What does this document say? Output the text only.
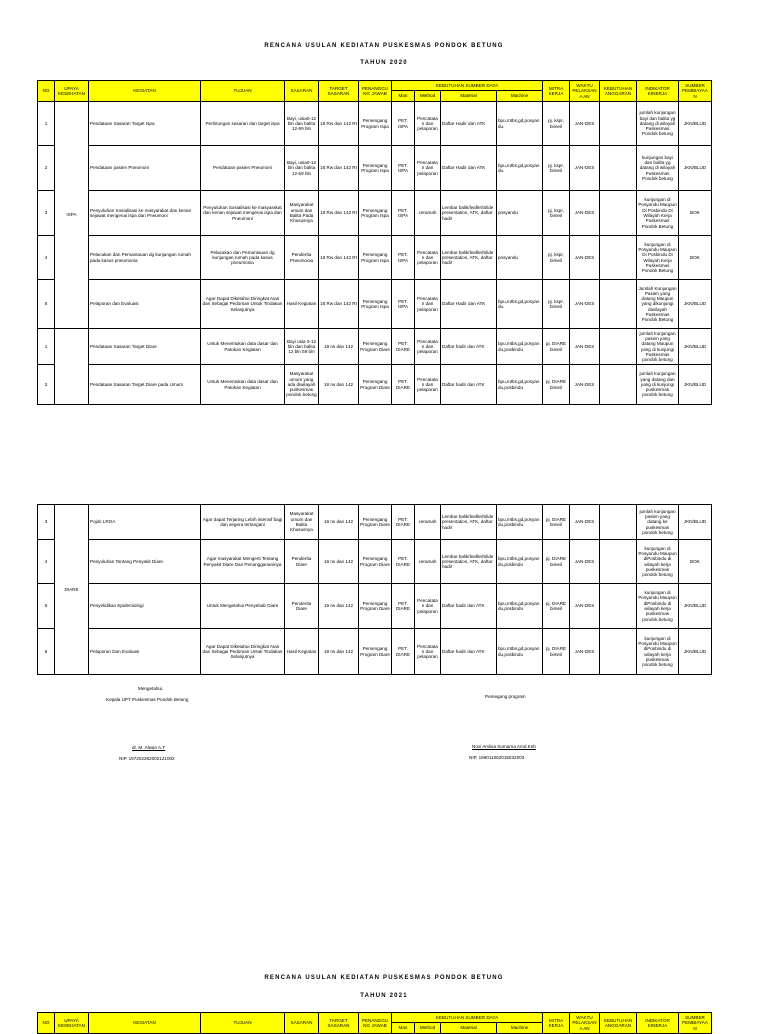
RENCANA USULAN KEDIATAN PUSKESMAS PONDOK BETUNG
TAHUN 2020
NO	UPAYA KESEHATAN	KEGIATAN	TUJUAN	SASARAN	TARGET SASARAN	PENANGGU NG JAWAB	KEBUTUHAN SUMBER DAYA				MITRA KERJA	WAKTU PELAKSANA AN	KEBUTUHAN ANGGARAN	INDIKATOR KINERJA	SUMBER PEMBIAYAA N
							Man	Method	Material	Machine					
1	ISPA	Pendataan Sasaran Target Ispa	Perhitungan sasaran dan target ispa	Bayi, usia0-12 bln dan balita 12-59 bln	18 Rw dan 142 Rt	Pemengang Program Ispa	PET. ISPA	Pencatatan dan pelaporan	Daftar Hadir dan ATK	bpu,mtbs,gd,posyan du.	pj. kspr, bimeil	JAN-DES		jumlah kunjungan bayi dan balita yg datang di wilayah Puskesmas Pondok betung	JKN/BLUD
2		Pendataan pasien Pneumoni	Pendataan pasien Pneumoni	Bayi, usia0-12 bln dan balita 12-59 bln	18 Rw dan 142 Rt	Pemengang Program Ispa	PET. ISPA	Pencatatan dan pelaporan	Daftar Hadir dan ATK	bpu,mtbs,gd,posyan du.	pj. kspr, bimeil	JAN-DES		kunjungan bayi dan balita yg datang di wilayah Puskesmas Pondok betung	JKN/BLUD
3		Penyuluhan Sosialisasi ke masyarakat dan kenan sejawat mengenai ispa dan Pneumoni	Penyuluhan Sosialisasi ke masyarakat dan kenan sejawat mengenai ispa dan Pneumoni	Masyarakat umum dan Balita Pada Khususnya	18 Rw dan 142 Rt	Pemengang Program Ispa	PET. ISPA	ceramah	Lembar balik/leaflet/Slide presentation, ATK, daftar hadir	posyandu	pj. kspr, bimeil	JAN-DES		kunjungan di Posyandu Maupun Di Posbindu Di Wilayah Kerja Puskesmas Pondok Betung	BOK
4		Pelacakan dan Pemantauan dg kunjungan rumah pada kasus pneumonia	Pelacakan dan Pemantauan dg kunjungan rumah pada kasus pneumonia	Penderita Pneumonia	18 Rw dan 142 Rt	Pemengang Program Ispa	PET. ISPA	Pencatatan dan pelaporan	Lembar balik/leaflet/Slide presentation, ATK, daftar hadir	posyandu	pj. kspr, bimeil	JAN-DES		kunjungan di Posyandu Maupun Di Posbindu Di Wilayah Kerja Puskesmas Pondok Betung	BOK
5		Pelaporan dan Evaluasi	Agar Dapat Diketahui Diringkat Atas dan Sebagai Pedoman Untuk Tindakan Selanjutnya	Hasil Kegiatan	18 Rw dan 142 Rt	Pemengang Program Ispa	PET. ISPA	Pencatatan dan pelaporan	Daftar Hadir dan ATK	bpu,mtbs,gd,posyan du.	pj. kspr, bimeil	JAN-DES		Jumlah Kunjungan Pasien yang datang Maupun yang dikunjungi diwilayah Puskesmas Pondok Betung	JKN/BLUD
1		Pendataan Sasaran Target Diare	Untuk Menentukan data dasar dan Patokan Kegiatan	Bayi usia 0-12 bln dan balita 12 bln 59 bln	18 rw dan 142	Pemengang Program Diare	PET. DIARE	Pencatatan dan pelaporan	Daftar hadir dan ATK	bpu,mtbs,gd,posyan du,posbindu	pj. DIARE bimeil	JAN-DES		jumlah kunjungan pasien yang datang Maupun yang di kunjungi Puskesmas pondok betung	JKN/BLUD
2		Pendataan Sasaran Target Diare pada Umum	Untuk Menentukan data dasar dan Patokan Kegiatan	Masyarakat umum yang ada diwilayah puskesmas pondok betung	18 rw dan 142	Pemengang Program Diare	PET. DIARE	Pencatatan dan pelaporan	Daftar hadir dan ATK	bpu,mtbs,gd,posyan du,posbindu	pj. DIARE bimeil	JAN-DES		jumlah kunjungan yang datang dan yang di kunjungi puskesmas pondok betung	JKN/BLUD
3	DIARE	Pojok LROA	Agar dapat Terjaring Lebih intensif bagi dan segera tertangani	Masyarakat umum dan Balita Khususnya	18 rw dan 142	Pemengang Program Diare	PET. DIARE	ceramah	Lembar balik/leaflet/Slide presentation, ATK, daftar hadir	bpu,mtbs,gd,posyan du,posbindu	pj. DIARE bimeil	JAN-DES		jumlah kunjungan pasien yang datang ke puskesmas pondok betung	JKN/BLUD
4		Penyuluhan Tentang Penyakit Diare	Agar masyarakat Mengerti Tentang Penyakit Diare Dan Penanggananinya	Penderita Diare	18 rw dan 142	Pemengang Program Diare	PET. DIARE	ceramah	Lembar balik/leaflet/Slide presentation, ATK, daftar hadir	bpu,mtbs,gd,posyan du,posbindu	pj. DIARE bimeil	JAN-DES		kunjungan di Posyandu Maupun diPosbindu di wilayah kerja puskesmas pondok betung	BOK
5		Penyelidikan Epidemiologi	Untuk Mengetahui Penyebab Diare	Penderita Diare	19 rw dan 142	Pemengang Program Diare	PET. DIARE	Pencatatan dan pelaporan	Daftar hadir dan ATK	bpu,mtbs,gd,posyan du,posbindu	pj. DIARE bimeil	JAN-DES		kunjungan di Posyandu Maupun diPosbindu di wilayah kerja puskesmas pondok betung	JKN/BLUD
6		Pelaporan Dan Evaluasi	Agar Dapat Diketahui Diringkat Atas dan Sebagai Pedoman Untuk Tindakan Selanjutnya	Hasil Kegiatan	18 rw dan 142	Pemengang Program Diare	PET. DIARE	Pencatatan dan pelaporan	Daftar hadir dan ATK	bpu,mtbs,gd,posyan du,posbindu	pj. DIARE bimeil	JAN-DES		kunjungan di Posyandu Maupun diPosbindu di wilayah kerja puskesmas pondok betung	JKN/BLUD
Mengetahui,
Kepala UPT Puskesmas Pondok Betung
Pemegang program
dr. M. Alwan A.T
NIP. 197202282002121002
Novi Amlisa Sumarna Amd.Keb
NIP. 199011062015032003
RENCANA USULAN KEDIATAN PUSKESMAS PONDOK BETUNG
TAHUN 2021
NO	UPAYA KESEHATAN	KEGIATAN	TUJUAN	SASARAN	TARGET SASARAN	PENANGGU NG JAWAB	KEBUTUHAN SUMBER DAYA				MITRA KERJA	WAKTU PELAKSANA AN	KEBUTUHAN ANGGARAN	INDIKATOR KINERJA	SUMBER PEMBIAYAA N
							Man	Method	Material	Machine					
